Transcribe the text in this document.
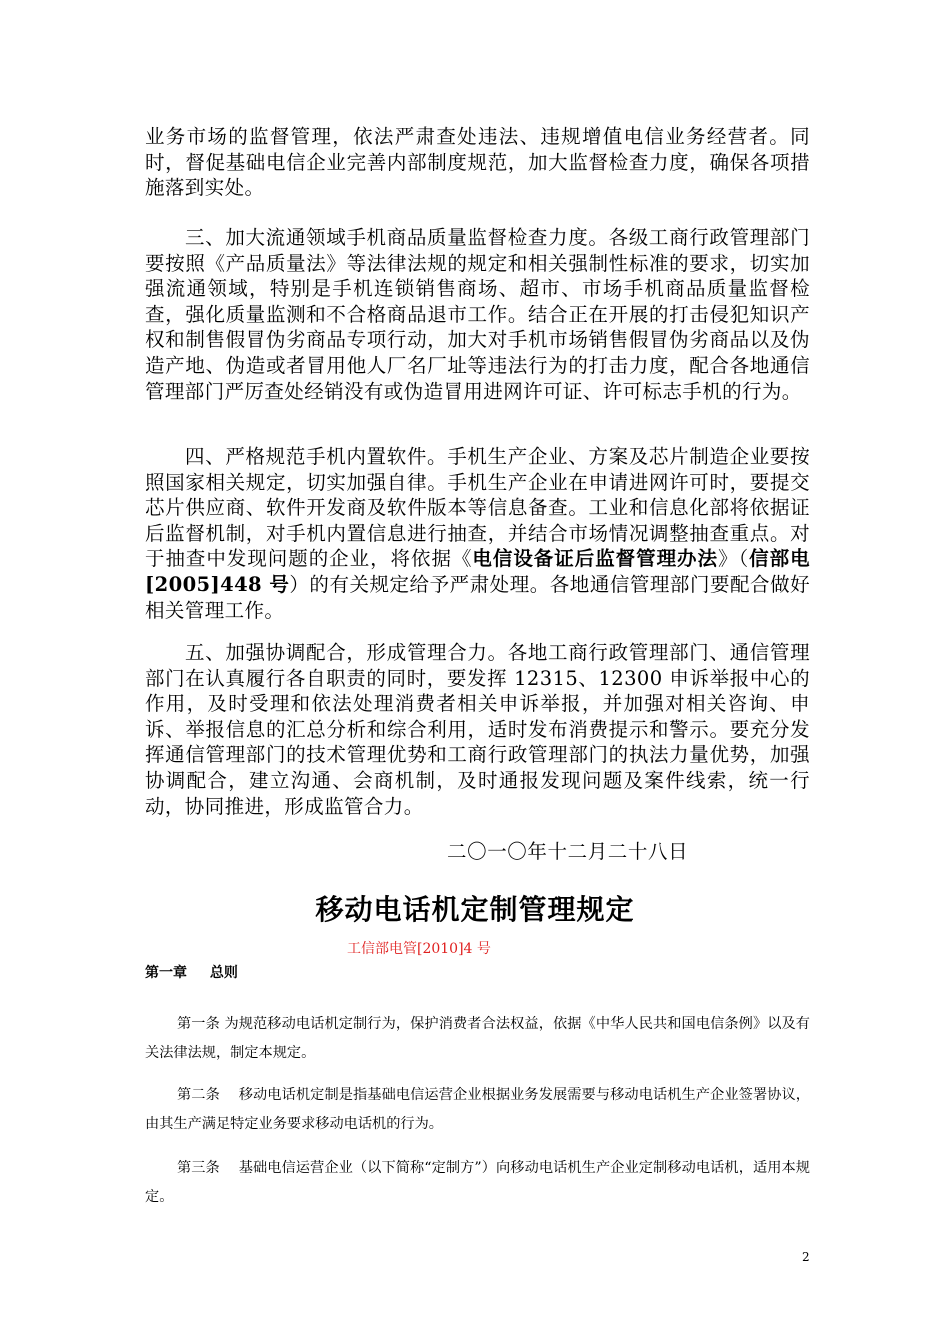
业务市场的监督管理，依法严肃查处违法、违规增值电信业务经营者。同时，督促基础电信企业完善内部制度规范，加大监督检查力度，确保各项措施落到实处。

三、加大流通领域手机商品质量监督检查力度。各级工商行政管理部门要按照《产品质量法》等法律法规的规定和相关强制性标准的要求，切实加强流通领域，特别是手机连锁销售商场、超市、市场手机商品质量监督检查，强化质量监测和不合格商品退市工作。结合正在开展的打击侵犯知识产权和制售假冒伪劣商品专项行动，加大对手机市场销售假冒伪劣商品以及伪造产地、伪造或者冒用他人厂名厂址等违法行为的打击力度，配合各地通信管理部门严厉查处经销没有或伪造冒用进网许可证、许可标志手机的行为。

四、严格规范手机内置软件。手机生产企业、方案及芯片制造企业要按照国家相关规定，切实加强自律。手机生产企业在申请进网许可时，要提交芯片供应商、软件开发商及软件版本等信息备查。工业和信息化部将依据证后监督机制，对手机内置信息进行抽查，并结合市场情况调整抽查重点。对于抽查中发现问题的企业，将依据《电信设备证后监督管理办法》（信部电[2005]448 号）的有关规定给予严肃处理。各地通信管理部门要配合做好相关管理工作。

五、加强协调配合，形成管理合力。各地工商行政管理部门、通信管理部门在认真履行各自职责的同时，要发挥 12315、12300 申诉举报中心的作用，及时受理和依法处理消费者相关申诉举报，并加强对相关咨询、申诉、举报信息的汇总分析和综合利用，适时发布消费提示和警示。要充分发挥通信管理部门的技术管理优势和工商行政管理部门的执法力量优势，加强协调配合，建立沟通、会商机制，及时通报发现问题及案件线索，统一行动，协同推进，形成监管合力。

二〇一〇年十二月二十八日
移动电话机定制管理规定
工信部电管[2010]4 号
第一章 总则

第一条 为规范移动电话机定制行为，保护消费者合法权益，依据《中华人民共和国电信条例》以及有关法律法规，制定本规定。

第二条　 移动电话机定制是指基础电信运营企业根据业务发展需要与移动电话机生产企业签署协议，由其生产满足特定业务要求移动电话机的行为。

第三条　 基础电信运营企业（以下简称“定制方”）向移动电话机生产企业定制移动电话机，适用本规定。

2
